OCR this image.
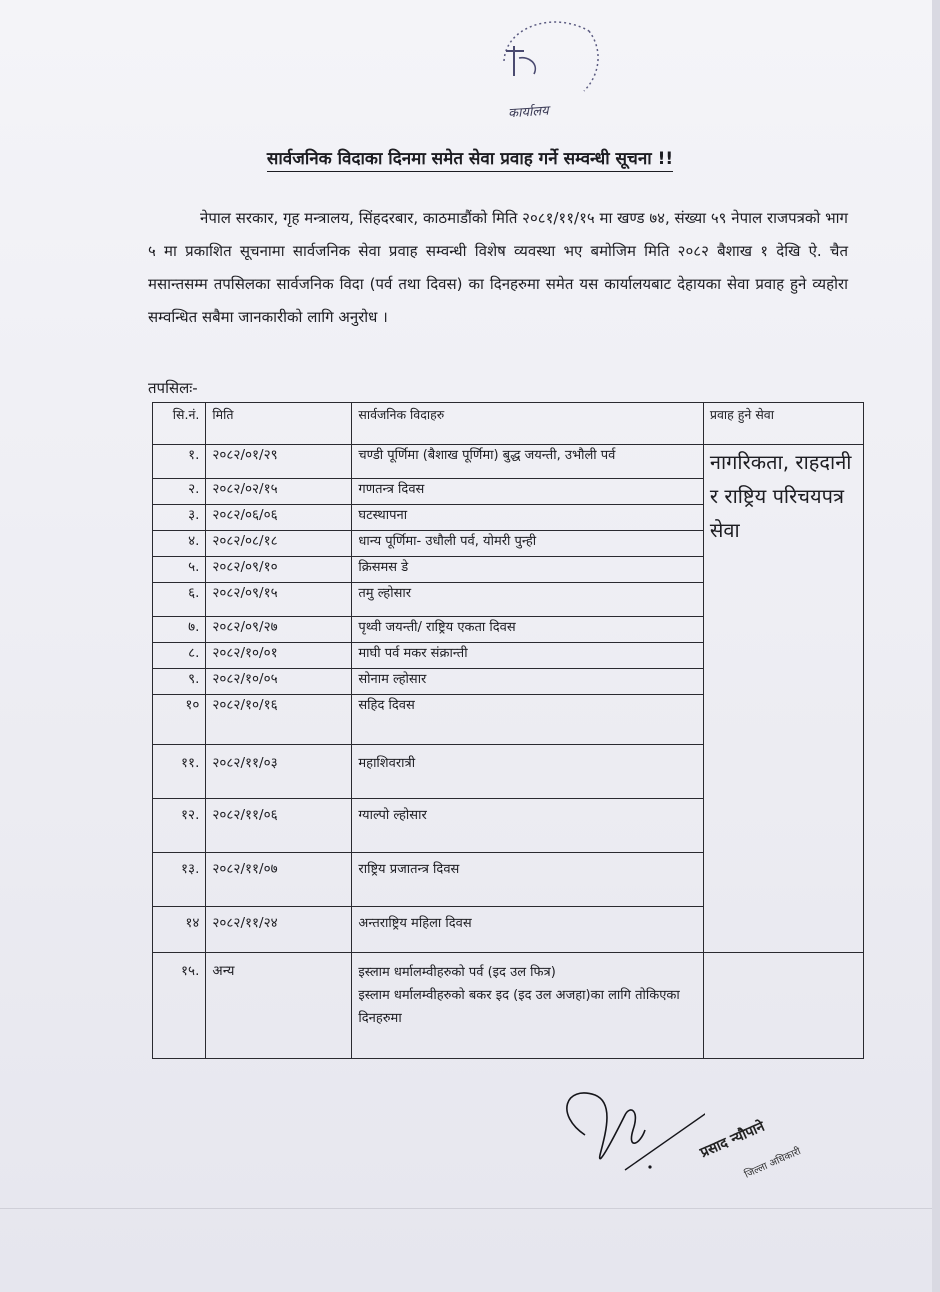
कार्यालय
सार्वजनिक विदाका दिनमा समेत सेवा प्रवाह गर्ने सम्वन्धी सूचना !!
नेपाल सरकार, गृह मन्त्रालय, सिंहदरबार, काठमाडौंको मिति २०८१/११/१५ मा खण्ड ७४, संख्या ५९ नेपाल राजपत्रको भाग ५ मा प्रकाशित सूचनामा सार्वजनिक सेवा प्रवाह सम्वन्धी विशेष व्यवस्था भए बमोजिम मिति २०८२ बैशाख १ देखि ऐ. चैत मसान्तसम्म तपसिलका सार्वजनिक विदा (पर्व तथा दिवस) का दिनहरुमा समेत यस कार्यालयबाट देहायका सेवा प्रवाह हुने व्यहोरा सम्वन्धित सबैमा जानकारीको लागि अनुरोध ।
तपसिलः-
सि.नं.	मिति	सार्वजनिक विदाहरु	प्रवाह हुने सेवा
१.	२०८२/०१/२९	चण्डी पूर्णिमा (बैशाख पूर्णिमा) बुद्ध जयन्ती, उभौली पर्व	नागरिकता, राहदानी र राष्ट्रिय परिचयपत्र सेवा
२.	२०८२/०२/१५	गणतन्त्र दिवस	
३.	२०८२/०६/०६	घटस्थापना	
४.	२०८२/०८/१८	धान्य पूर्णिमा- उधौली पर्व, योमरी पुन्ही	
५.	२०८२/०९/१०	क्रिसमस डे	
६.	२०८२/०९/१५	तमु ल्होसार	
७.	२०८२/०९/२७	पृथ्वी जयन्ती/ राष्ट्रिय एकता दिवस	
८.	२०८२/१०/०१	माघी पर्व मकर संक्रान्ती	
९.	२०८२/१०/०५	सोनाम ल्होसार	
१०	२०८२/१०/१६	सहिद दिवस	
११.	२०८२/११/०३	महाशिवरात्री	
१२.	२०८२/११/०६	ग्याल्पो ल्होसार	
१३.	२०८२/११/०७	राष्ट्रिय प्रजातन्त्र दिवस	
१४	२०८२/११/२४	अन्तराष्ट्रिय महिला दिवस	
१५.	अन्य	इस्लाम धर्मालम्वीहरुको पर्व (इद उल फित्र)
इस्लाम धर्मालम्वीहरुको बकर इद (इद उल अजहा)का लागि तोकिएका दिनहरुमा	

प्रसाद न्यौपाने
जिल्ला अधिकारी
